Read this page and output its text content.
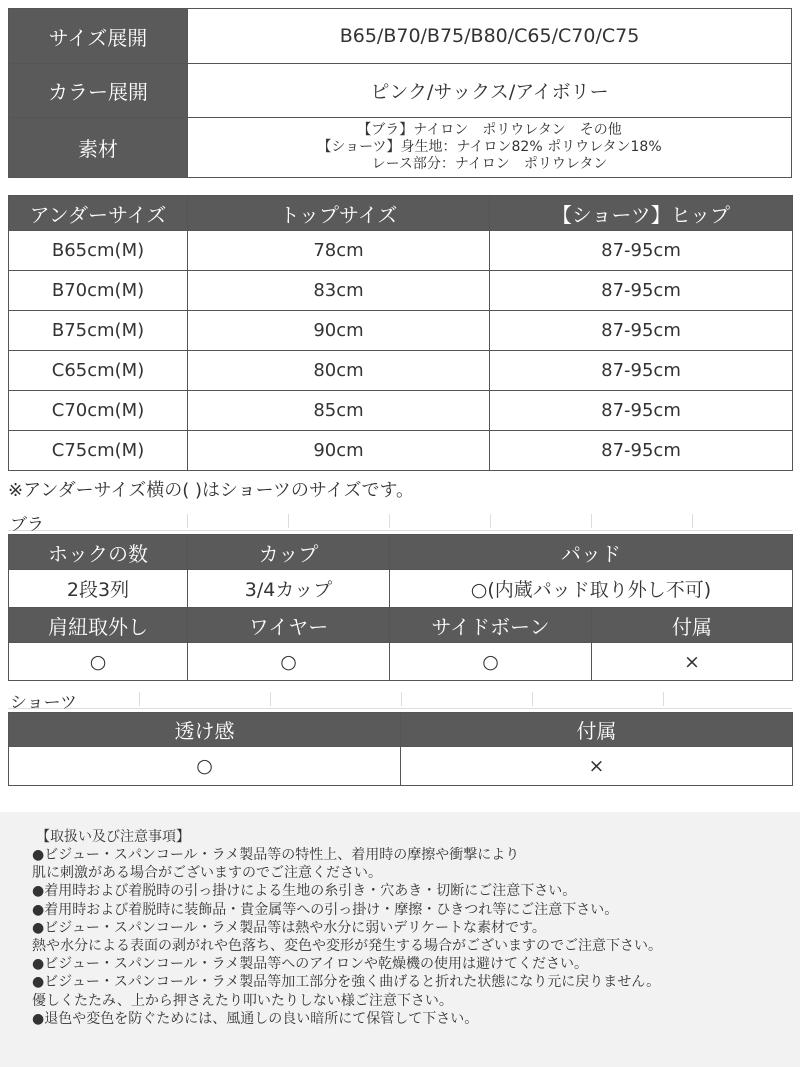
サイズ展開	B65/B70/B75/B80/C65/C70/C75
カラー展開	ピンク/サックス/アイボリー
素材	【ブラ】ナイロン　ポリウレタン　その他
【ショーツ】身生地：ナイロン82% ポリウレタン18%
レース部分：ナイロン　ポリウレタン
アンダーサイズ	トップサイズ	【ショーツ】ヒップ
B65cm(M)	78cm	87-95cm
B70cm(M)	83cm	87-95cm
B75cm(M)	90cm	87-95cm
C65cm(M)	80cm	87-95cm
C70cm(M)	85cm	87-95cm
C75cm(M)	90cm	87-95cm
※アンダーサイズ横の( )はショーツのサイズです。
ブラ
ホックの数	カップ	パッド	
2段3列	3/4カップ	○(内蔵パッド取り外し不可)	
肩紐取外し	ワイヤー	サイドボーン	付属
○	○	○	×
ショーツ
透け感	付属
○	×
【取扱い及び注意事項】
●ビジュー・スパンコール・ラメ製品等の特性上、着用時の摩擦や衝撃により
肌に刺激がある場合がございますのでご注意ください。
●着用時および着脱時の引っ掛けによる生地の糸引き・穴あき・切断にご注意下さい。
●着用時および着脱時に装飾品・貴金属等への引っ掛け・摩擦・ひきつれ等にご注意下さい。
●ビジュー・スパンコール・ラメ製品等は熱や水分に弱いデリケートな素材です。
熱や水分による表面の剥がれや色落ち、変色や変形が発生する場合がございますのでご注意下さい。
●ビジュー・スパンコール・ラメ製品等へのアイロンや乾燥機の使用は避けてください。
●ビジュー・スパンコール・ラメ製品等加工部分を強く曲げると折れた状態になり元に戻りません。
優しくたたみ、上から押さえたり叩いたりしない様ご注意下さい。
●退色や変色を防ぐためには、風通しの良い暗所にて保管して下さい。
